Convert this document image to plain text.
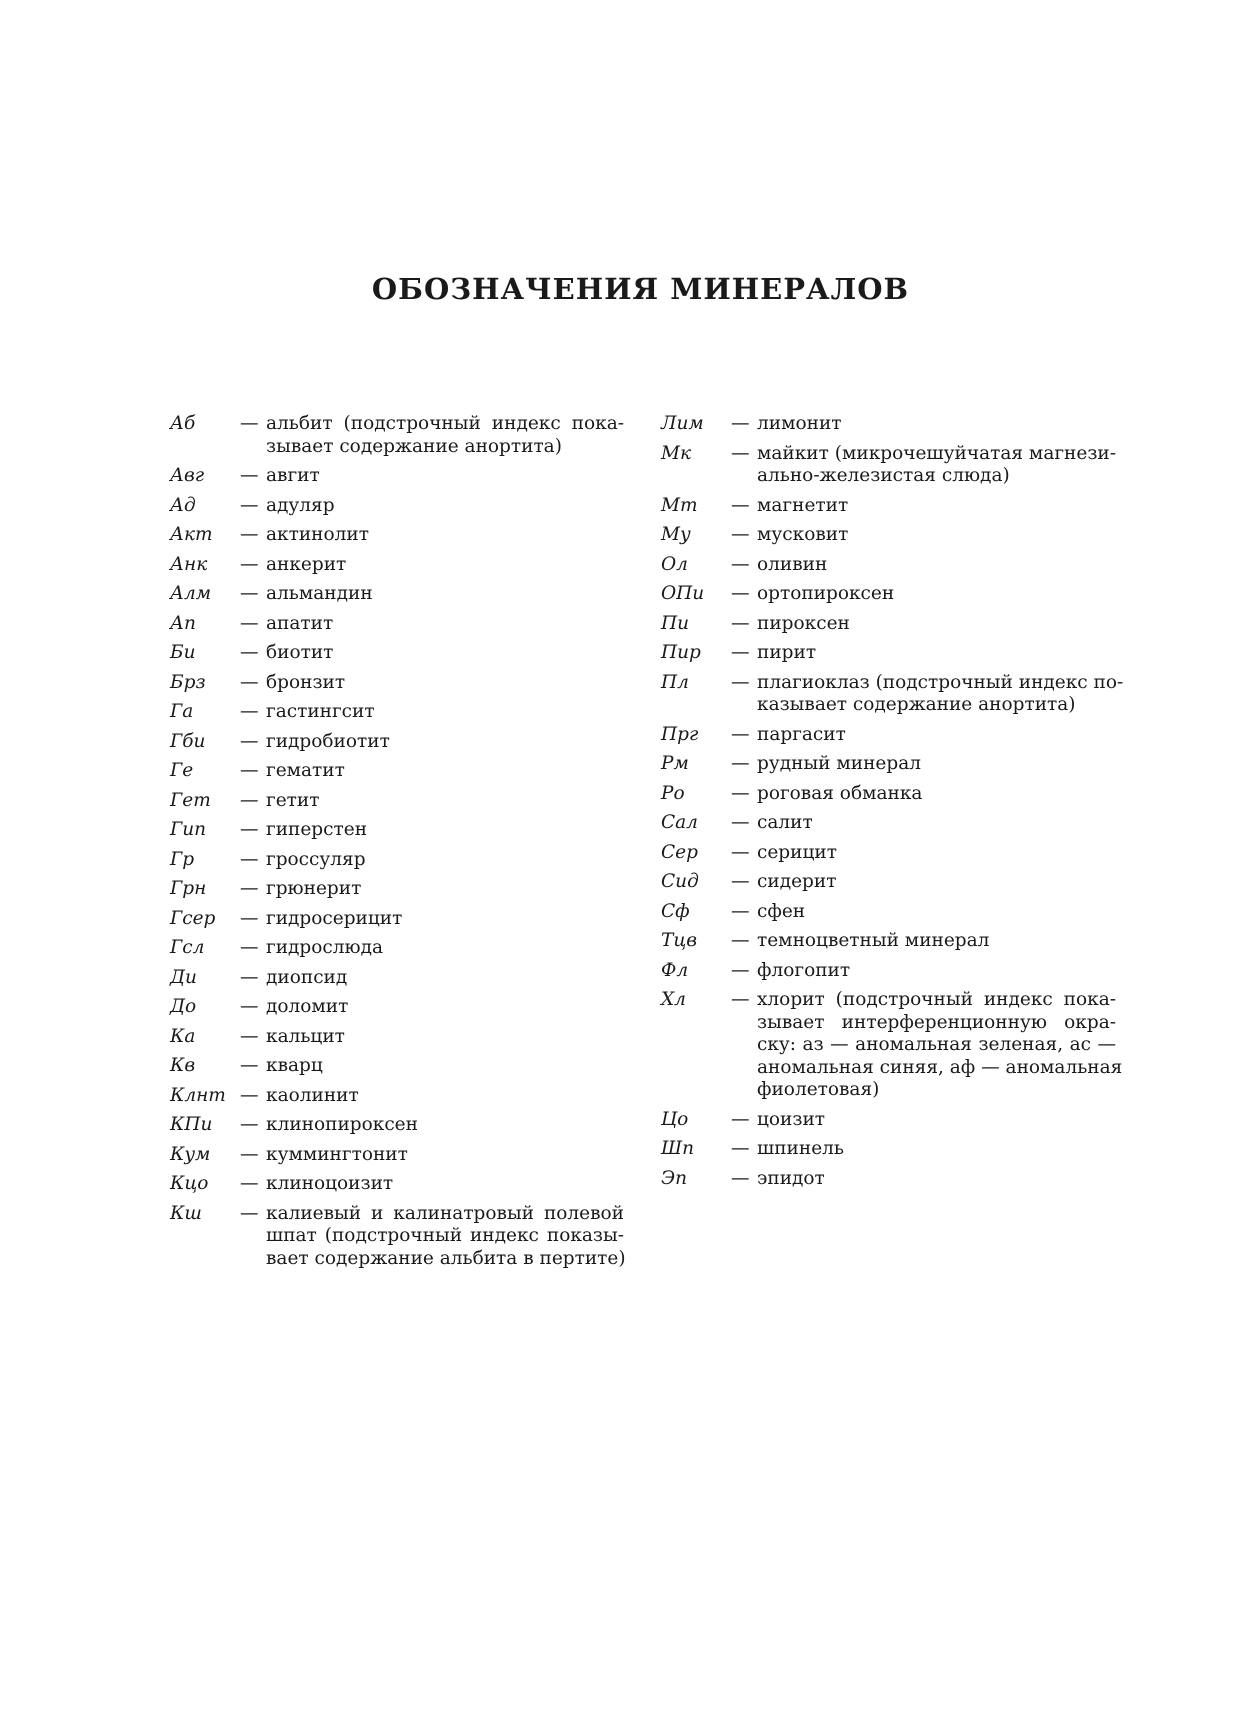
ОБОЗНАЧЕНИЯ МИНЕРАЛОВ
Аб	— альбит (подстрочный индекс пока-
зывает содержание анортита)
Авг	— авгит
Ад	— адуляр
Акт	— актинолит
Анк	— анкерит
Алм	— альмандин
Ап	— апатит
Би	— биотит
Брз	— бронзит
Га	— гастингсит
Гби	— гидробиотит
Ге	— гематит
Гет	— гетит
Гип	— гиперстен
Гр	— гроссуляр
Грн	— грюнерит
Гсер	— гидросерицит
Гсл	— гидрослюда
Ди	— диопсид
До	— доломит
Ка	— кальцит
Кв	— кварц
Клнт — каолинит
КПи	— клинопироксен
Кум	— куммингтонит
Кцо	— клиноцоизит
Кш	— калиевый и калинатровый полевой
шпат (подстрочный индекс показы-
вает содержание альбита в пертите)
Лим	— лимонит
Мк	— майкит (микрочешуйчатая магнези-
ально-железистая слюда)
Мт	— магнетит
Му	— мусковит
Ол	— оливин
ОПи	— ортопироксен
Пи	— пироксен
Пир	— пирит
Пл	— плагиоклаз (подстрочный индекс по-
казывает содержание анортита)
Прг	— паргасит
Рм	— рудный минерал
Ро	— роговая обманка
Сал	— салит
Сер	— серицит
Сид	— сидерит
Сф	— сфен
Тцв	— темноцветный минерал
Фл	— флогопит
Хл	— хлорит (подстрочный индекс пока-
зывает интерференционную окра-
ску: аз — аномальная зеленая, ас —
аномальная синяя, аф — аномальная
фиолетовая)
Цо	— цоизит
Шп	— шпинель
Эп	— эпидот
